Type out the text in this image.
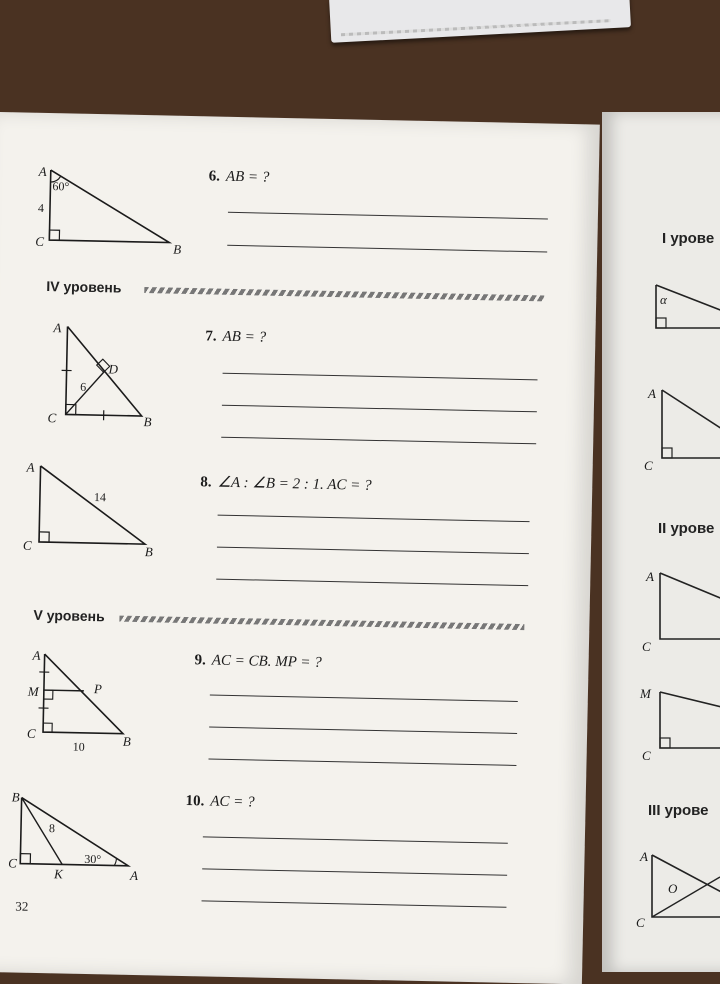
I урове
α
A
C
II урове
A
C
M
C
III урове
A
O
C
A
C
B
60°
4
6. AB = ?
IV уровень
A
C	B
D
6
7. AB = ?
A
C	B
14
8. ∠A : ∠B = 2 : 1. AC = ?
V уровень
A
M	P
C
B
10
9. AC = CB. MP = ?
B
C
K	A
8
30°
10. AC = ?
32
